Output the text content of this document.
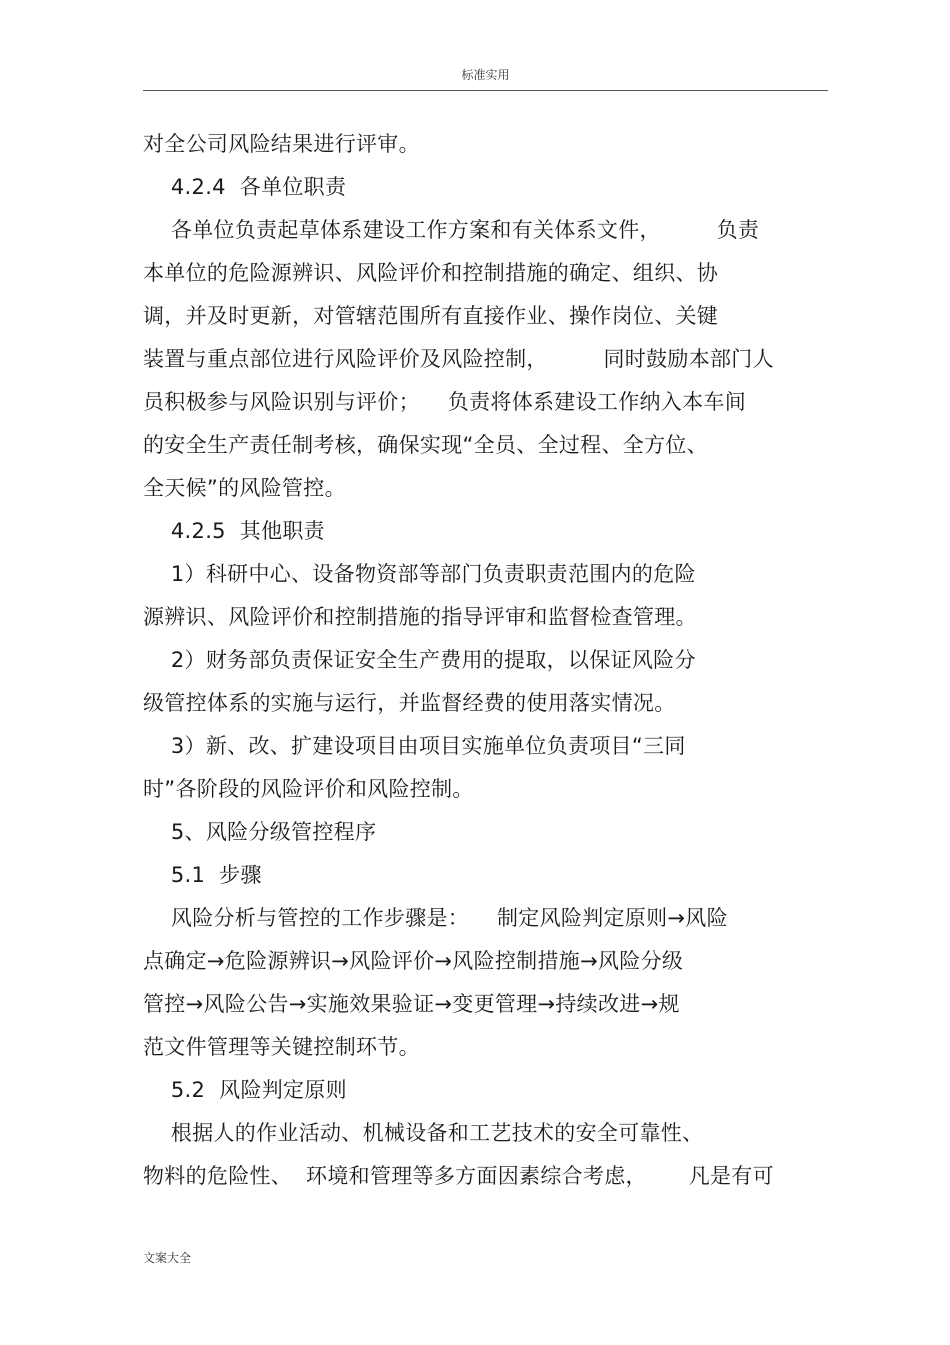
标准实用
对全公司风险结果进行评审。
4.2.4  各单位职责
各单位负责起草体系建设工作方案和有关体系文件，        负责
本单位的危险源辨识、风险评价和控制措施的确定、组织、协
调，并及时更新，对管辖范围所有直接作业、操作岗位、关键
装置与重点部位进行风险评价及风险控制，        同时鼓励本部门人
员积极参与风险识别与评价；    负责将体系建设工作纳入本车间
的安全生产责任制考核，确保实现“全员、全过程、全方位、
全天候”的风险管控。
4.2.5  其他职责
1）科研中心、设备物资部等部门负责职责范围内的危险
源辨识、风险评价和控制措施的指导评审和监督检查管理。
2）财务部负责保证安全生产费用的提取，以保证风险分
级管控体系的实施与运行，并监督经费的使用落实情况。
3）新、改、扩建设项目由项目实施单位负责项目“三同
时”各阶段的风险评价和风险控制。
5、风险分级管控程序
5.1  步骤
风险分析与管控的工作步骤是：    制定风险判定原则→风险
点确定→危险源辨识→风险评价→风险控制措施→风险分级
管控→风险公告→实施效果验证→变更管理→持续改进→规
范文件管理等关键控制环节。
5.2  风险判定原则
根据人的作业活动、机械设备和工艺技术的安全可靠性、
物料的危险性、  环境和管理等多方面因素综合考虑，      凡是有可
文案大全
